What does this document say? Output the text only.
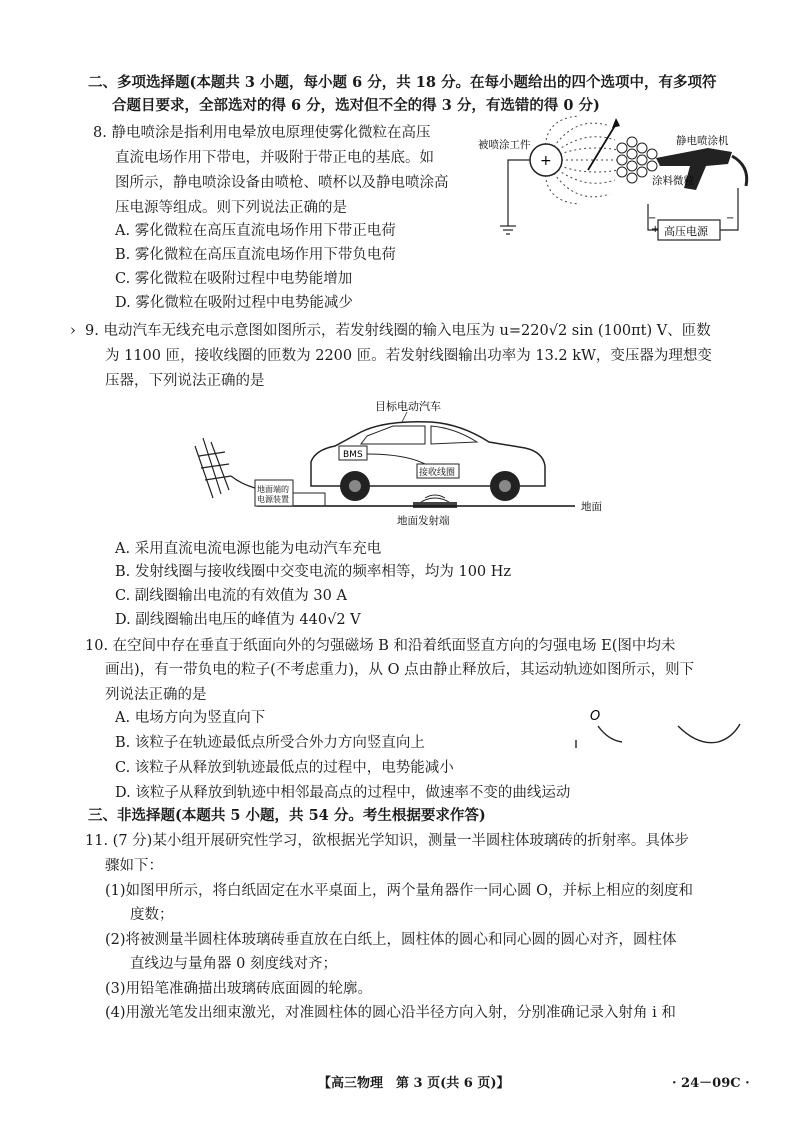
二、多项选择题(本题共 3 小题，每小题 6 分，共 18 分。在每小题给出的四个选项中，有多项符
合题目要求，全部选对的得 6 分，选对但不全的得 3 分，有选错的得 0 分)
8. 静电喷涂是指利用电晕放电原理使雾化微粒在高压
直流电场作用下带电，并吸附于带正电的基底。如
图所示，静电喷涂设备由喷枪、喷杯以及静电喷涂高
压电源等组成。则下列说法正确的是
A. 雾化微粒在高压直流电场作用下带正电荷
B. 雾化微粒在高压直流电场作用下带负电荷
C. 雾化微粒在吸附过程中电势能增加
D. 雾化微粒在吸附过程中电势能减少
+
被喷涂工件	静电喷涂机
涂料微粒
高压电源
−
+
−
› 9. 电动汽车无线充电示意图如图所示，若发射线圈的输入电压为 u=220√2 sin (100πt) V、匝数
为 1100 匝，接收线圈的匝数为 2200 匝。若发射线圈输出功率为 13.2 kW，变压器为理想变
压器，下列说法正确的是
目标电动汽车
BMS
接收线圈
地面
地面发射端
地面端的
电源装置
A. 采用直流电流电源也能为电动汽车充电
B. 发射线圈与接收线圈中交变电流的频率相等，均为 100 Hz
C. 副线圈输出电流的有效值为 30 A
D. 副线圈输出电压的峰值为 440√2 V
10. 在空间中存在垂直于纸面向外的匀强磁场 B 和沿着纸面竖直方向的匀强电场 E(图中均未
画出)，有一带负电的粒子(不考虑重力)，从 O 点由静止释放后，其运动轨迹如图所示，则下
列说法正确的是
A. 电场方向为竖直向下
B. 该粒子在轨迹最低点所受合外力方向竖直向上
C. 该粒子从释放到轨迹最低点的过程中，电势能减小
D. 该粒子从释放到轨迹中相邻最高点的过程中，做速率不变的曲线运动
O
三、非选择题(本题共 5 小题，共 54 分。考生根据要求作答)
11. (7 分)某小组开展研究性学习，欲根据光学知识，测量一半圆柱体玻璃砖的折射率。具体步
骤如下：
(1)如图甲所示，将白纸固定在水平桌面上，两个量角器作一同心圆 O，并标上相应的刻度和
度数；
(2)将被测量半圆柱体玻璃砖垂直放在白纸上，圆柱体的圆心和同心圆的圆心对齐，圆柱体
直线边与量角器 0 刻度线对齐；
(3)用铅笔准确描出玻璃砖底面圆的轮廓。
(4)用激光笔发出细束激光，对准圆柱体的圆心沿半径方向入射，分别准确记录入射角 i 和
【高三物理　第 3 页(共 6 页)】	· 24－09C ·
